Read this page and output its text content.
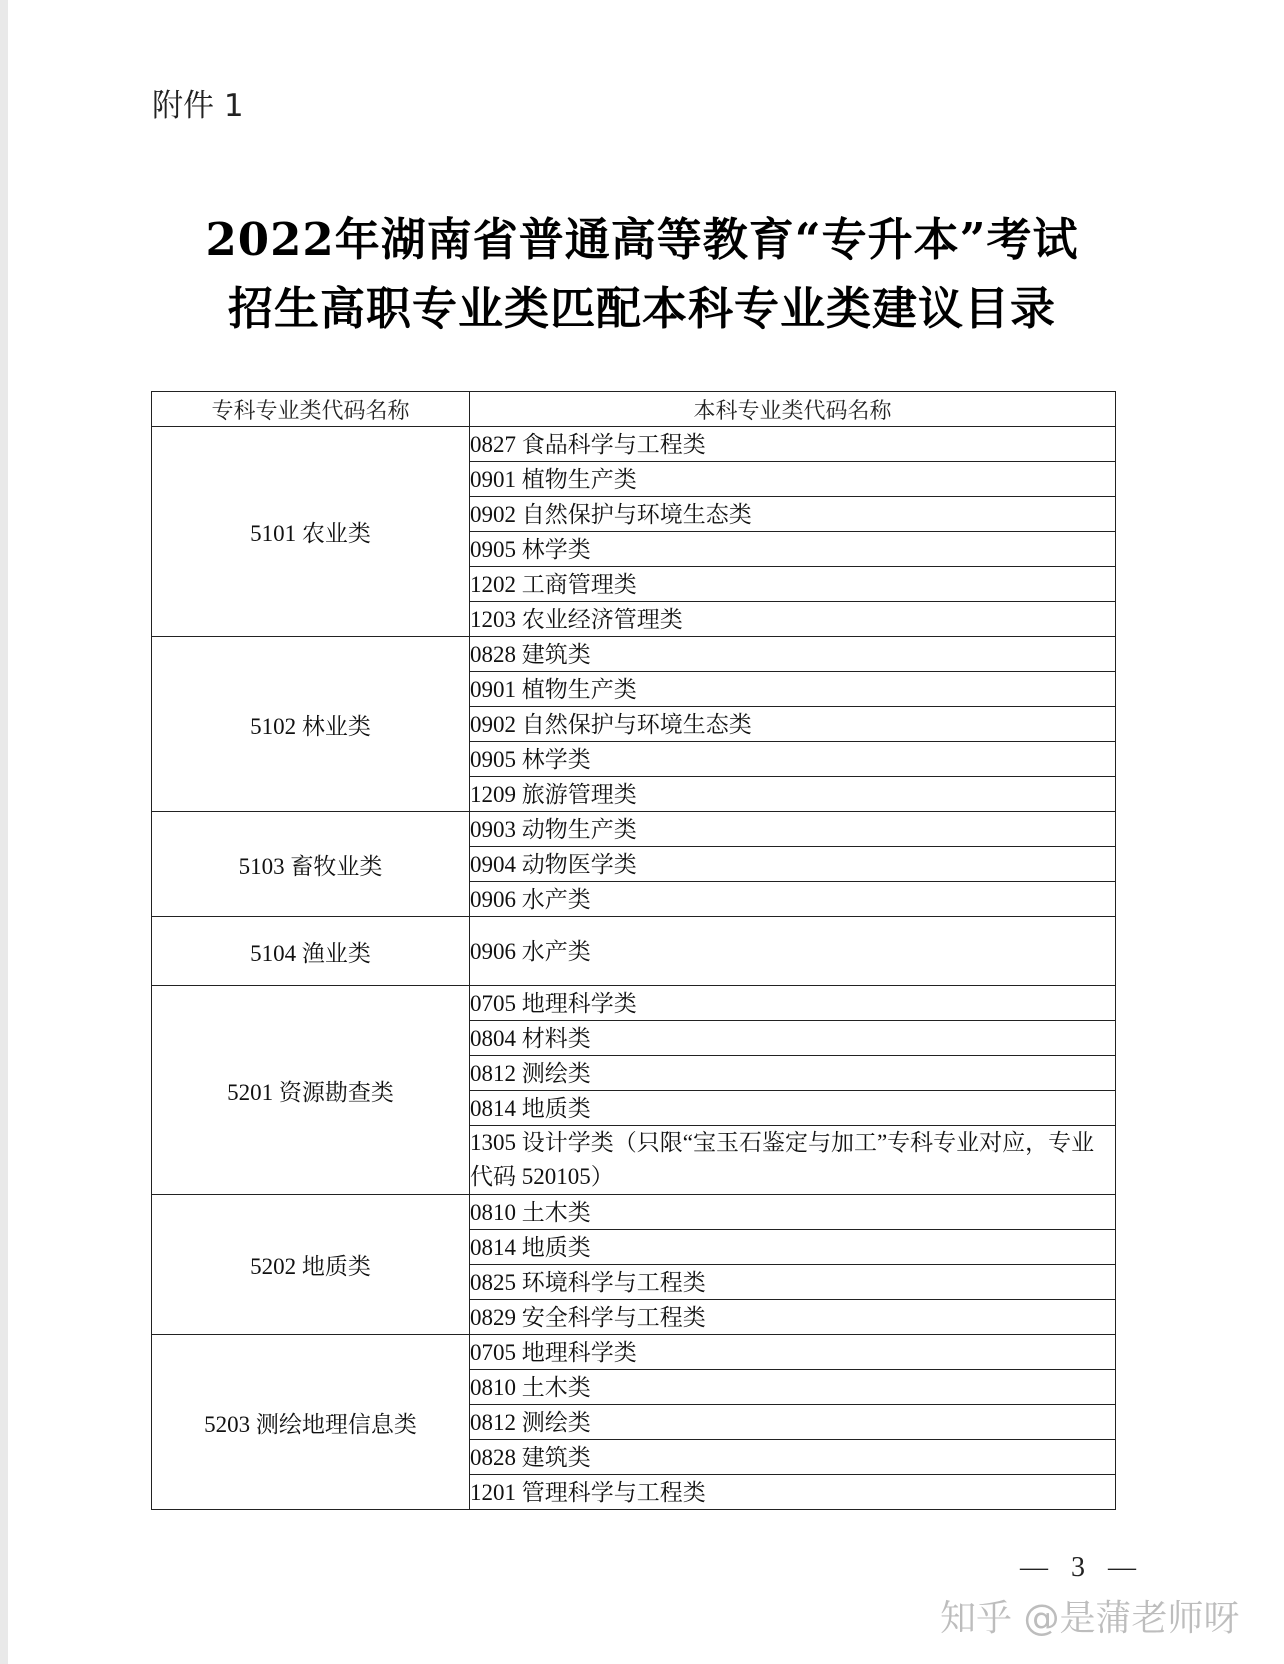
附件 1
2022年湖南省普通高等教育“专升本”考试
招生高职专业类匹配本科专业类建议目录
专科专业类代码名称	本科专业类代码名称
5101 农业类	0827 食品科学与工程类
	0901 植物生产类
	0902 自然保护与环境生态类
	0905 林学类
	1202 工商管理类
	1203 农业经济管理类
5102 林业类	0828 建筑类
	0901 植物生产类
	0902 自然保护与环境生态类
	0905 林学类
	1209 旅游管理类
5103 畜牧业类	0903 动物生产类
	0904 动物医学类
	0906 水产类
5104 渔业类	0906 水产类
5201 资源勘查类	0705 地理科学类
	0804 材料类
	0812 测绘类
	0814 地质类
	1305 设计学类（只限“宝玉石鉴定与加工”专科专业对应，专业代码 520105）
5202 地质类	0810 土木类
	0814 地质类
	0825 环境科学与工程类
	0829 安全科学与工程类
5203 测绘地理信息类	0705 地理科学类
	0810 土木类
	0812 测绘类
	0828 建筑类
	1201 管理科学与工程类
— 3 —
知乎 @是蒲老师呀
